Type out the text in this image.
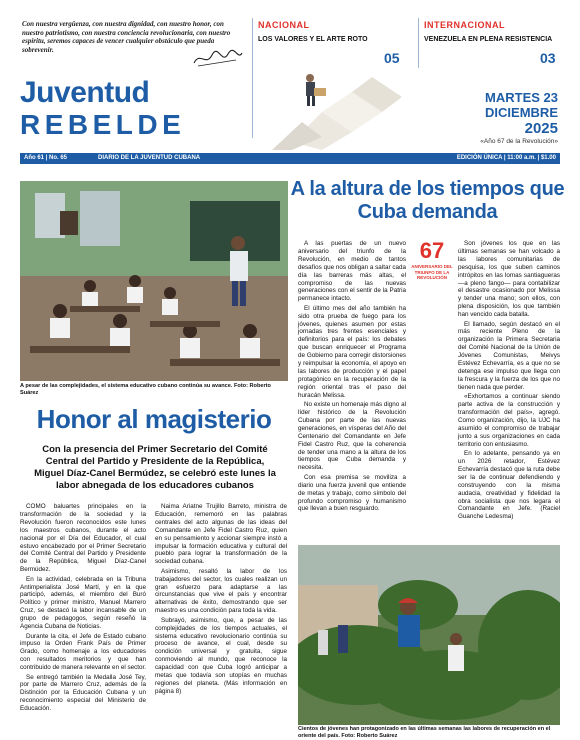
Con nuestra vergüenza, con nuestra dignidad, con nuestro honor, con nuestro patriotismo, con nuestra conciencia revolucionaria, con nuestro espíritu, seremos capaces de vencer cualquier obstáculo que pueda sobrevenir.
NACIONAL
LOS VALORES Y EL ARTE ROTO
05
INTERNACIONAL
VENEZUELA EN PLENA RESISTENCIA
03
Juventud
REBELDE
MARTES 23
DICIEMBRE
2025
«Año 67 de la Revolución»
Año 61 | No. 65	DIARIO DE LA JUVENTUD CUBANA	EDICIÓN ÚNICA | 11:00 a.m. | $1.00
A pesar de las complejidades, el sistema educativo cubano continúa su avance. Foto: Roberto Suárez
Honor al magisterio
Con la presencia del Primer Secretario del Comité Central del Partido y Presidente de la República, Miguel Díaz-Canel Bermúdez, se celebró este lunes la labor abnegada de los educadores cubanos

COMO baluartes principales en la transformación de la sociedad y la Revolución fueron reconocidos este lunes los maestros cubanos, durante el acto nacional por el Día del Educador, el cual estuvo encabezado por el Primer Secretario del Comité Central del Partido y Presidente de la República, Miguel Díaz-Canel Bermúdez.

En la actividad, celebrada en la Tribuna Antimperialista José Martí, y en la que participó, además, el miembro del Buró Político y primer ministro, Manuel Marrero Cruz, se destacó la labor incansable de un grupo de pedagogos, según reseñó la Agencia Cubana de Noticias.

Durante la cita, el Jefe de Estado cubano impuso la Orden Frank País de Primer Grado, como homenaje a los educadores con resultados meritorios y que han contribuido de manera relevante en el sector.

Se entregó también la Medalla José Tey, por parte de Marrero Cruz, además de la Distinción por la Educación Cubana y un reconocimiento especial del Ministerio de Educación.

Naima Ariatne Trujillo Barreto, ministra de Educación, rememoró en las palabras centrales del acto algunas de las ideas del Comandante en Jefe Fidel Castro Ruz, quien en su pensamiento y accionar siempre instó a impulsar la formación educativa y cultural del pueblo para lograr la transformación de la sociedad cubana.

Asimismo, resaltó la labor de los trabajadores del sector, los cuales realizan un gran esfuerzo para adaptarse a las circunstancias que vive el país y encontrar alternativas de éxito, demostrando que ser maestro es una condición para toda la vida.

Subrayó, asimismo, que, a pesar de las complejidades de los tiempos actuales, el sistema educativo revolucionario continúa su proceso de avance, el cual, desde su condición universal y gratuita, sigue conmoviendo al mundo, que reconoce la capacidad con que Cuba logró anticipar a metas que todavía son utopías en muchas regiones del planeta. (Más información en página 8)

A la altura de los tiempos que Cuba demanda

A las puertas de un nuevo aniversario del triunfo de la Revolución, en medio de tantos desafíos que nos obligan a saltar cada día las barreras más altas, el compromiso de las nuevas generaciones con el sentir de la Patria permanece intacto.

El último mes del año también ha sido otra prueba de fuego para los jóvenes, quienes asumen por estas jornadas tres frentes esenciales y definitorios para el país: los debates que buscan enriquecer el Programa de Gobierno para corregir distorsiones y reimpulsar la economía, el apoyo en las labores de producción y el papel protagónico en la recuperación de la región oriental tras el paso del huracán Melissa.

No existe un homenaje más digno al líder histórico de la Revolución Cubana por parte de las nuevas generaciones, en vísperas del Año del Centenario del Comandante en Jefe Fidel Castro Ruz, que la coherencia de tender una mano a la altura de los tiempos que Cuba demanda y necesita.

Con esa premisa se moviliza a diario una fuerza juvenil que entiende de metas y trabajo, como símbolo del profundo compromiso y humanismo que llevan a buen resguardo.

67
ANIVERSARIO DEL TRIUNFO DE LA REVOLUCIÓN

Son jóvenes los que en las últimas semanas se han volcado a las labores comunitarias de pesquisa, los que suben caminos intrópitos en las lomas santiagueras —a pleno fango— para contabilizar el desastre ocasionado por Melissa y tender una mano; son ellos, con plena disposición, los que también han vencido cada batalla.

El llamado, según destacó en el más reciente Pleno de la organización la Primera Secretaria del Comité Nacional de la Unión de Jóvenes Comunistas, Meivys Estévez Echevarría, es a que no se detenga ese impulso que llega con la frescura y la fuerza de los que no tienen nada que perder.

«Exhortamos a continuar siendo parte activa de la construcción y transformación del país», agregó. Como organización, dijo, la UJC ha asumido el compromiso de trabajar junto a sus organizaciones en cada territorio con entusiasmo.

En lo adelante, pensando ya en un 2026 retador, Estévez Echevarría destacó que la ruta debe ser la de continuar defendiendo y construyendo con la misma audacia, creatividad y fidelidad la obra socialista que nos legara el Comandante en Jefe. (Raciel Guanche Ledesma)

Cientos de jóvenes han protagonizado en las últimas semanas las labores de recuperación en el oriente del país. Foto: Roberto Suárez
